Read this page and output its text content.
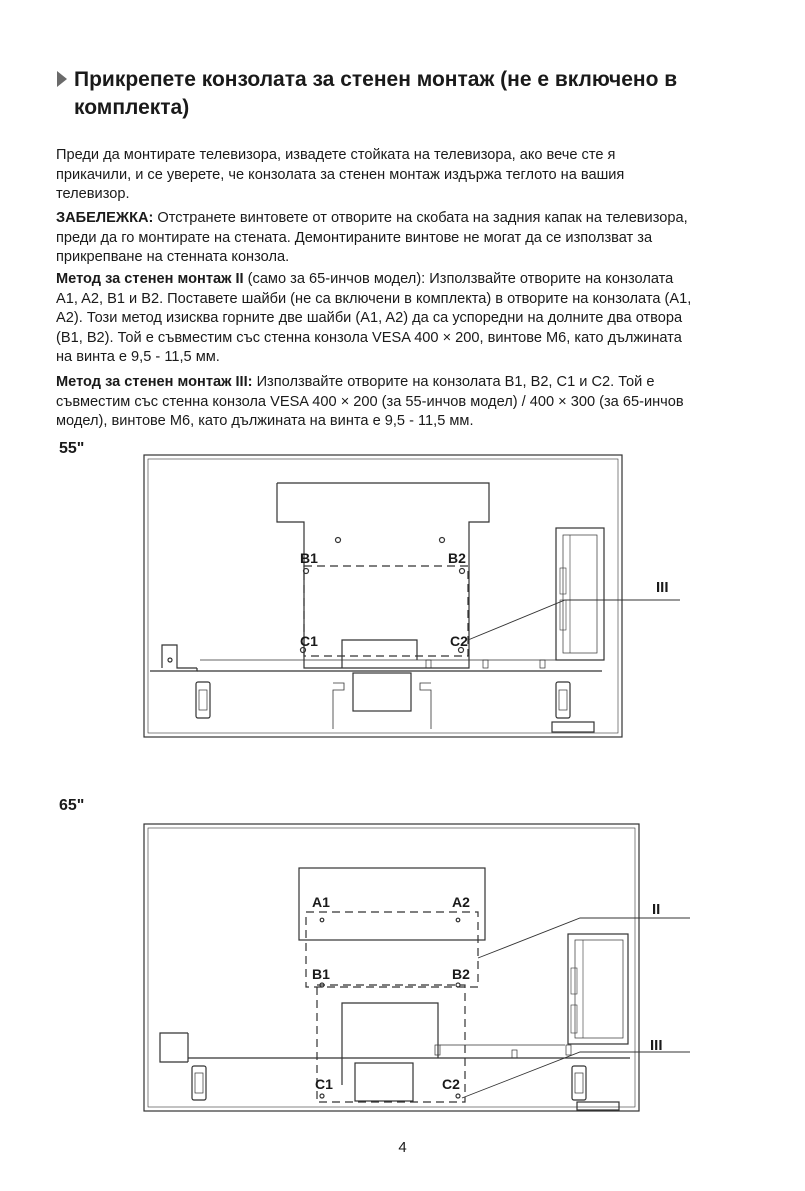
Прикрепете конзолата за стенен монтаж (не е включено в
комплекта)

Преди да монтирате телевизора, извадете стойката на телевизора, ако вече сте я
прикачили, и се уверете, че конзолата за стенен монтаж издържа теглото на вашия
телевизор.

ЗАБЕЛЕЖКА: Отстранете винтовете от отворите на скобата на задния капак на телевизора,
преди да го монтирате на стената. Демонтираните винтове не могат да се използват за
прикрепване на стенната конзола.

Метод за стенен монтаж II (само за 65-инчов модел): Използвайте отворите на конзолата
A1, A2, B1 и B2. Поставете шайби (не са включени в комплекта) в отворите на конзолата (A1,
A2). Този метод изисква горните две шайби (A1, A2) да са успоредни на долните два отвора
(B1, B2). Той е съвместим със стенна конзола VESA 400 × 200, винтове M6, като дължината
на винта е 9,5 - 11,5 мм.

Метод за стенен монтаж III: Използвайте отворите на конзолата B1, B2, C1 и C2. Той е
съвместим със стенна конзола VESA 400 × 200 (за 55-инчов модел) / 400 × 300 (за 65-инчов
модел), винтове M6, като дължината на винта е 9,5 - 11,5 мм.

55"
65"
B1	B2
C1	C2
III
A1	A2
B1	B2
C1	C2
II
III
4
